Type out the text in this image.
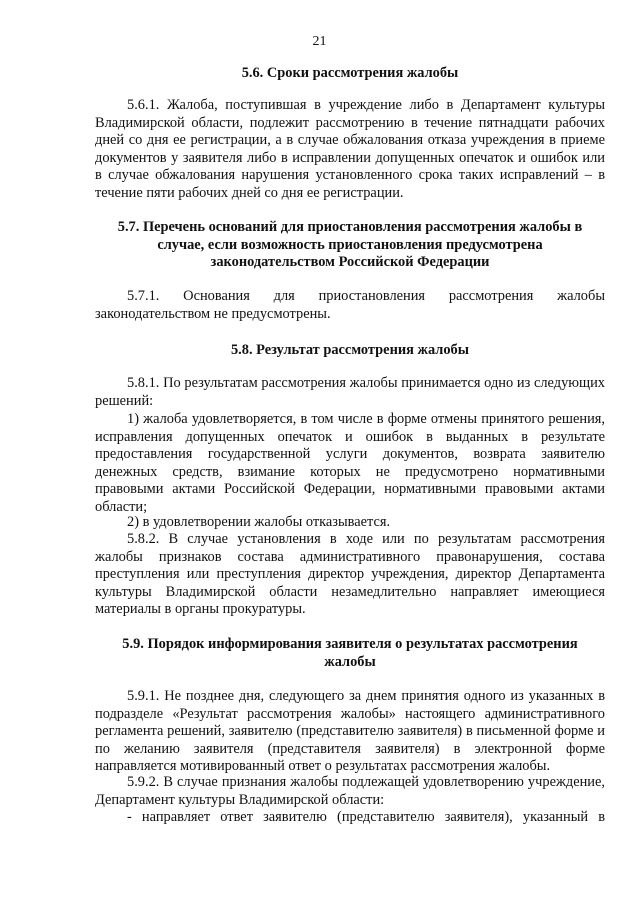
21
5.6. Сроки рассмотрения жалобы
5.6.1. Жалоба, поступившая в учреждение либо в Департамент культуры Владимирской области, подлежит рассмотрению в течение пятнадцати рабочих дней со дня ее регистрации, а в случае обжалования отказа учреждения в приеме документов у заявителя либо в исправлении допущенных опечаток и ошибок или в случае обжалования нарушения установленного срока таких исправлений – в течение пяти рабочих дней со дня ее регистрации.
5.7. Перечень оснований для приостановления рассмотрения жалобы в случае, если возможность приостановления предусмотрена законодательством Российской Федерации
5.7.1. Основания для приостановления рассмотрения жалобы законодательством не предусмотрены.
5.8. Результат рассмотрения жалобы
5.8.1. По результатам рассмотрения жалобы принимается одно из следующих решений:
1) жалоба удовлетворяется, в том числе в форме отмены принятого решения, исправления допущенных опечаток и ошибок в выданных в результате предоставления государственной услуги документов, возврата заявителю денежных средств, взимание которых не предусмотрено нормативными правовыми актами Российской Федерации, нормативными правовыми актами области;
2) в удовлетворении жалобы отказывается.
5.8.2. В случае установления в ходе или по результатам рассмотрения жалобы признаков состава административного правонарушения, состава преступления или преступления директор учреждения, директор Департамента культуры Владимирской области незамедлительно направляет имеющиеся материалы в органы прокуратуры.
5.9. Порядок информирования заявителя о результатах рассмотрения жалобы
5.9.1. Не позднее дня, следующего за днем принятия одного из указанных в подразделе «Результат рассмотрения жалобы» настоящего административного регламента решений, заявителю (представителю заявителя) в письменной форме и по желанию заявителя (представителя заявителя) в электронной форме направляется мотивированный ответ о результатах рассмотрения жалобы.
5.9.2. В случае признания жалобы подлежащей удовлетворению учреждение, Департамент культуры Владимирской области:
- направляет ответ заявителю (представителю заявителя), указанный в
